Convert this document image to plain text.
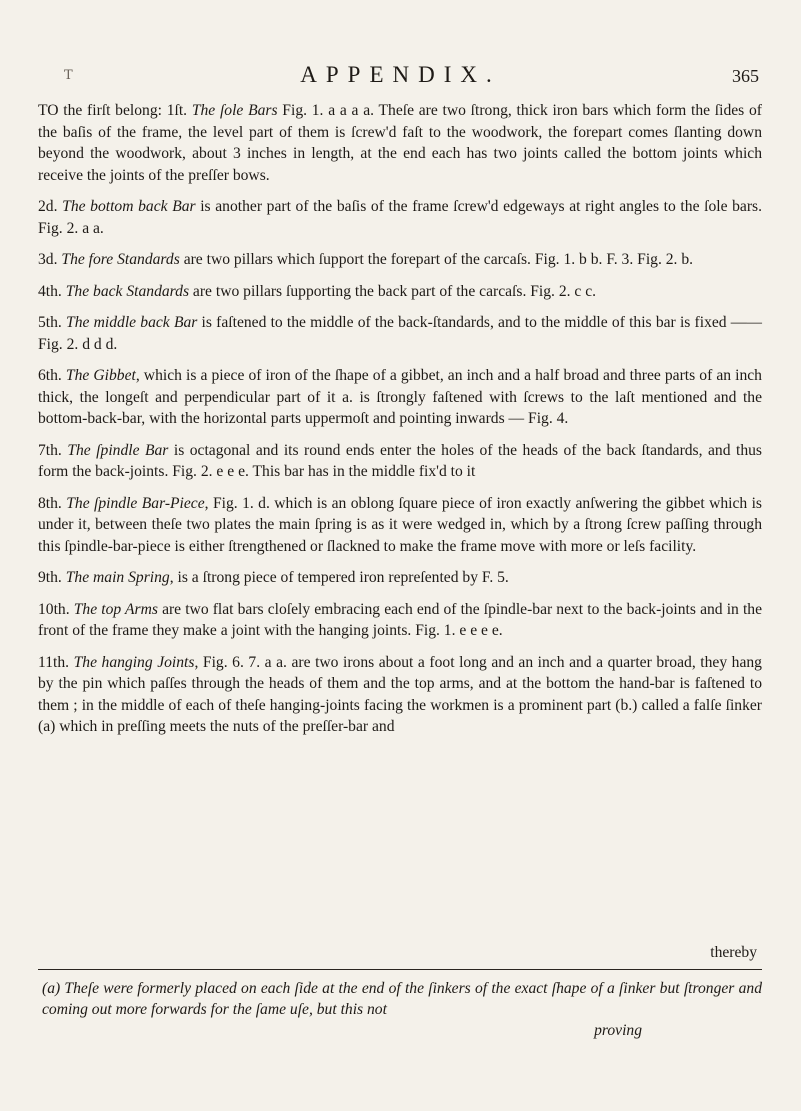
T	APPENDIX.	365

TO the firſt belong: 1ſt. The ſole Bars Fig. 1. a a a a. Theſe are two ſtrong, thick iron bars which form the ſides of the baſis of the frame, the level part of them is ſcrew'd faſt to the woodwork, the forepart comes ſlanting down beyond the woodwork, about 3 inches in length, at the end each has two joints called the bottom joints which receive the joints of the preſſer bows.

2d. The bottom back Bar is another part of the baſis of the frame ſcrew'd edgeways at right angles to the ſole bars. Fig. 2. a a.

3d. The fore Standards are two pillars which ſupport the forepart of the carcaſs. Fig. 1. b b. F. 3. Fig. 2. b.

4th. The back Standards are two pillars ſupporting the back part of the carcaſs. Fig. 2. c c.

5th. The middle back Bar is faſtened to the middle of the back-ſtandards, and to the middle of this bar is fixed —— Fig. 2. d d d.

6th. The Gibbet, which is a piece of iron of the ſhape of a gibbet, an inch and a half broad and three parts of an inch thick, the longeſt and perpendicular part of it a. is ſtrongly faſtened with ſcrews to the laſt mentioned and the bottom-back-bar, with the horizontal parts uppermoſt and pointing inwards — Fig. 4.

7th. The ſpindle Bar is octagonal and its round ends enter the holes of the heads of the back ſtandards, and thus form the back-joints. Fig. 2. e e e. This bar has in the middle fix'd to it

8th. The ſpindle Bar-Piece, Fig. 1. d. which is an oblong ſquare piece of iron exactly anſwering the gibbet which is under it, between theſe two plates the main ſpring is as it were wedged in, which by a ſtrong ſcrew paſſing through this ſpindle-bar-piece is either ſtrengthened or ſlackned to make the frame move with more or leſs facility.

9th. The main Spring, is a ſtrong piece of tempered iron repreſented by F. 5.

10th. The top Arms are two flat bars cloſely embracing each end of the ſpindle-bar next to the back-joints and in the front of the frame they make a joint with the hanging joints. Fig. 1. e e e e.

11th. The hanging Joints, Fig. 6. 7. a a. are two irons about a foot long and an inch and a quarter broad, they hang by the pin which paſſes through the heads of them and the top arms, and at the bottom the hand-bar is faſtened to them ; in the middle of each of theſe hanging-joints facing the workmen is a prominent part (b.) called a falſe ſinker (a) which in preſſing meets the nuts of the preſſer-bar and

thereby
(a) Theſe were formerly placed on each ſide at the end of the ſinkers of the exact ſhape of a ſinker but ſtronger and coming out more forwards for the ſame uſe, but this not
proving
